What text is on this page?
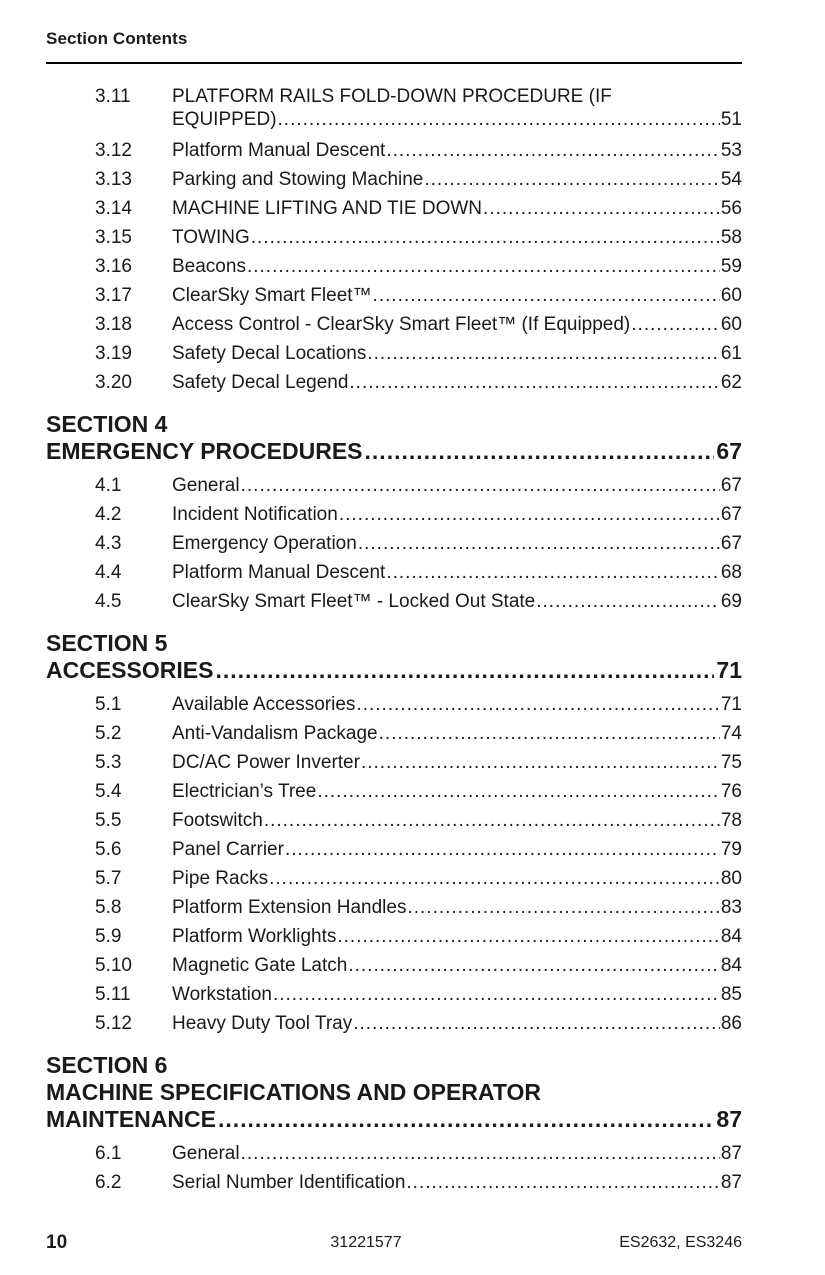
Section Contents
3.11	PLATFORM RAILS FOLD-DOWN PROCEDURE (IF
EQUIPPED) .....	51
3.12	Platform Manual Descent .....	53
3.13	Parking and Stowing Machine .....	54
3.14	MACHINE LIFTING AND TIE DOWN .....	56
3.15	TOWING .....	58
3.16	Beacons .....	59
3.17	ClearSky Smart Fleet™ .....	60
3.18	Access Control - ClearSky Smart Fleet™ (If Equipped) .....	60
3.19	Safety Decal Locations .....	61
3.20	Safety Decal Legend .....	62
SECTION 4
EMERGENCY PROCEDURES .....	67
4.1	General .....	67
4.2	Incident Notification .....	67
4.3	Emergency Operation .....	67
4.4	Platform Manual Descent .....	68
4.5	ClearSky Smart Fleet™ - Locked Out State .....	69
SECTION 5
ACCESSORIES .....	71
5.1	Available Accessories .....	71
5.2	Anti-Vandalism Package .....	74
5.3	DC/AC Power Inverter .....	75
5.4	Electrician’s Tree .....	76
5.5	Footswitch .....	78
5.6	Panel Carrier .....	79
5.7	Pipe Racks .....	80
5.8	Platform Extension Handles .....	83
5.9	Platform Worklights .....	84
5.10	Magnetic Gate Latch .....	84
5.11	Workstation .....	85
5.12	Heavy Duty Tool Tray .....	86
SECTION 6
MACHINE SPECIFICATIONS AND OPERATOR
MAINTENANCE .....	87
6.1	General .....	87
6.2	Serial Number Identification .....	87
10	31221577	ES2632, ES3246
